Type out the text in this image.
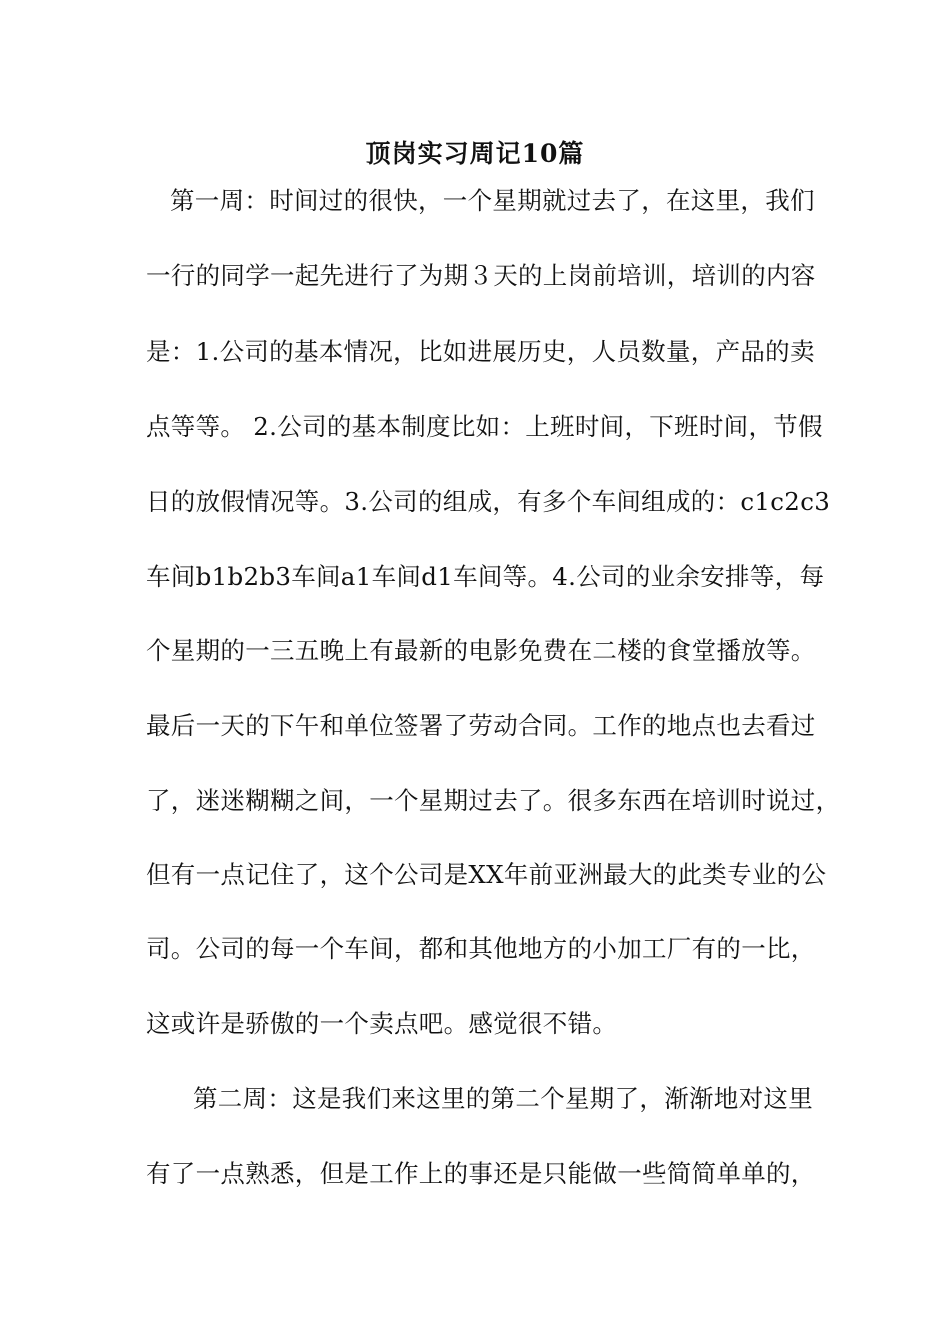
顶岗实习周记10篇
第一周：时间过的很快，一个星期就过去了，在这里，我们
一行的同学一起先进行了为期３天的上岗前培训，培训的内容
是：1.公司的基本情况，比如进展历史，人员数量，产品的卖
点等等。 2.公司的基本制度比如：上班时间，下班时间，节假
日的放假情况等。3.公司的组成，有多个车间组成的：c1c2c3
车间b1b2b3车间a1车间d1车间等。4.公司的业余安排等，每
个星期的一三五晚上有最新的电影免费在二楼的食堂播放等。
最后一天的下午和单位签署了劳动合同。工作的地点也去看过
了，迷迷糊糊之间，一个星期过去了。很多东西在培训时说过，
但有一点记住了，这个公司是XX年前亚洲最大的此类专业的公
司。公司的每一个车间，都和其他地方的小加工厂有的一比，
这或许是骄傲的一个卖点吧。感觉很不错。
第二周：这是我们来这里的第二个星期了，渐渐地对这里
有了一点熟悉，但是工作上的事还是只能做一些简简单单的，
